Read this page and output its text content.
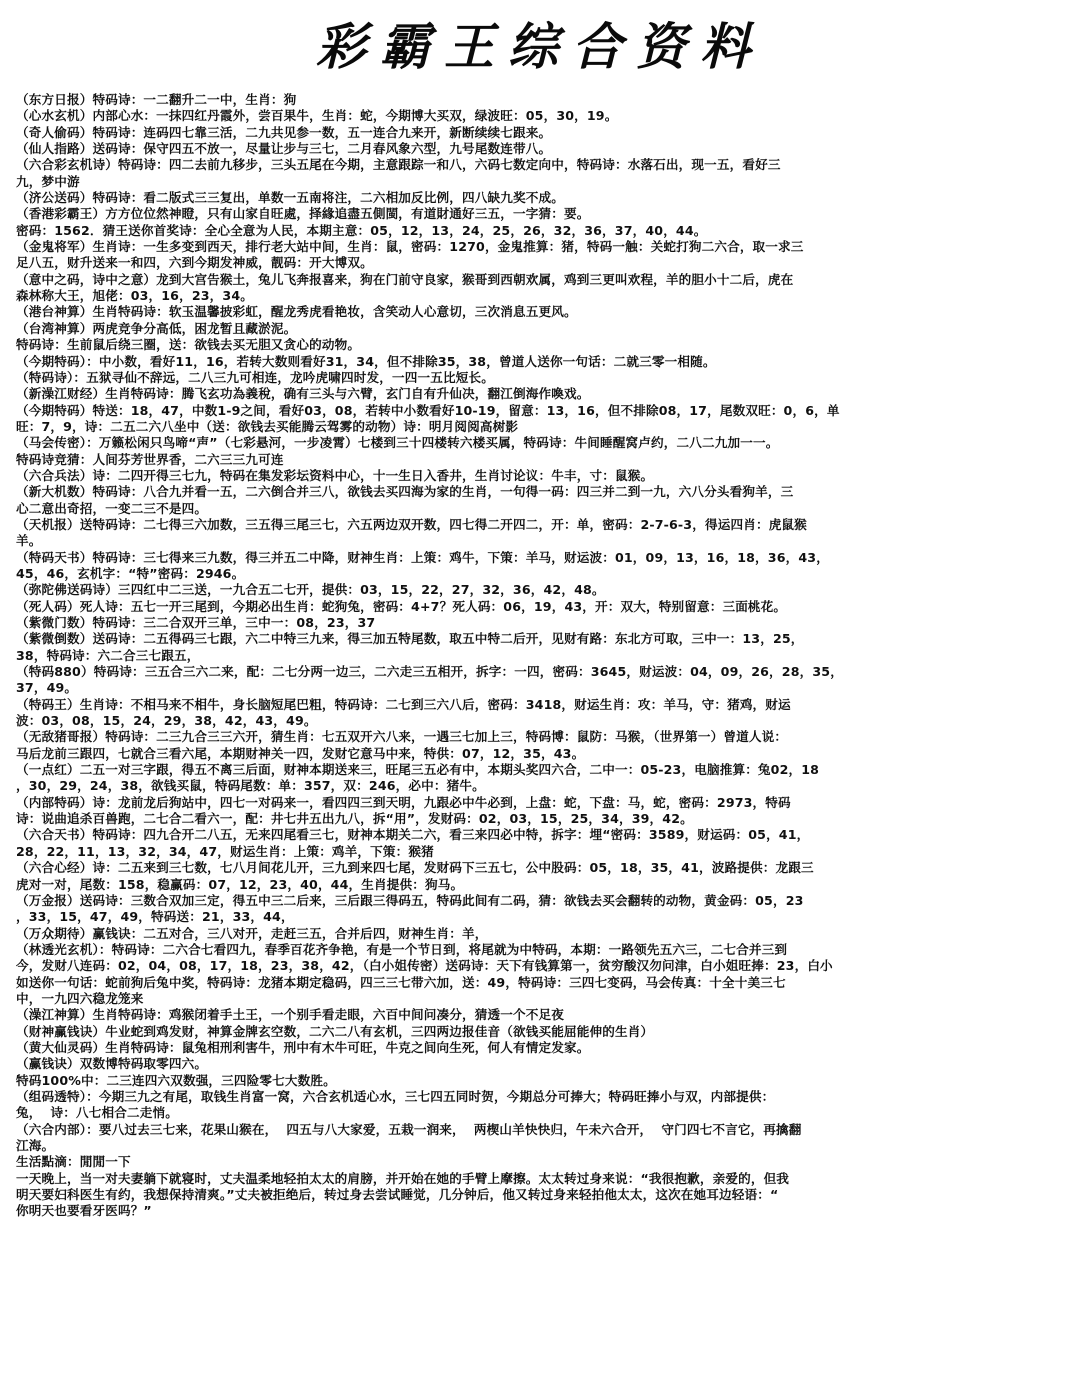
彩霸王综合资料
（东方日报）特码诗：一二翻升二一中，生肖：狗
（心水玄机）内部心水：一抹四红丹霞外，尝百果牛，生肖：蛇，今期博大买双，绿波旺：05，30，19。
（奇人偷码）特码诗：连码四七靠三活，二九共见参一数，五一连合九来开，新断续续七跟来。
（仙人指路）送码诗：保守四五不放一，尽量让步与三七，二月春风象六型，九号尾数连带八。
（六合彩玄机诗）特码诗：四二去前九移步，三头五尾在今期，主意跟踪一和八，六码七数定向中，特码诗：水落石出，现一五，看好三
九，梦中游
（济公送码）特码诗：看二版式三三复出，单数一五南将注，二六相加反比例，四八缺九奖不成。
（香港彩霸王）方方位位然神瞪，只有山家自旺處，择緣追盡五側閩，有道財通好三五，一字猜：要。
密码：1562．猜王送你首奖诗：全心全意为人民，本期主意：05，12，13，24，25，26，32，36，37，40，44。
（金鬼将军）生肖诗：一生多变到西天，排行老大站中间，生肖：鼠，密码：1270，金鬼推算：猪，特码一触：关蛇打狗二六合，取一求三
足八五，财升送来一和四，六到今期发神威，靓码：开大博双。
（意中之码，诗中之意）龙到大宫告猴土，兔儿飞奔报喜来，狗在门前守良家，猴哥到西朝欢属，鸡到三更叫欢程，羊的胆小十二后，虎在
森林称大王，旭佬：03，16，23，34。
（港台神算）生肖特码诗：软玉温馨披彩虹，醒龙秀虎看艳妆，含笑动人心意切，三次消息五更风。
（台湾神算）两虎竞争分高低，困龙暂且藏淤泥。
特码诗：生前鼠后绕三圈，送：欲钱去买无胆又贪心的动物。
（今期特码）：中小数，看好11，16，若转大数则看好31，34，但不排除35，38，曾道人送你一句话：二就三零一相随。
（特码诗）：五狱寻仙不辞远，二八三九可相连，龙吟虎啸四时发，一四一五比短长。
（新澡江财经）生肖特码诗：腾飞玄功為義稅，确有三头与六臂，玄门自有升仙决，翻江倒海作喚戏。
（今期特码）特送：18，47，中数1-9之间，看好03，08，若转中小数看好10-19，留意：13，16，但不排除08，17，尾数双旺：0，6，单
旺：7，9，诗：二五二六八坐中（送：欲钱去买能腾云驾雾的动物）诗：明月阅阅高树影
（马会传密）：万籁松闲只鸟啼“声”（七彩悬河，一步凌霄）七楼到三十四楼转六楼买属，特码诗：牛间睡醒窝卢约，二八二九加一一。
特码诗竞猜：人间芬芳世界香，二六三三九可连
（六合兵法）诗：二四开得三七九，特码在集发彩坛资料中心，十一生日入香井，生肖讨论议：牛丰，寸：鼠猴。
（新大机数）特码诗：八合九并看一五，二六倒合并三八，欲钱去买四海为家的生肖，一句得一码：四三并二到一九，六八分头看狗羊，三
心二意出奇招，一变二三不是四。
（天机报）送特码诗：二七得三六加数，三五得三尾三七，六五两边双开数，四七得二开四二，开：单，密码：2-7-6-3，得运四肖：虎鼠猴
羊。
（特码天书）特码诗：三七得来三九数，得三并五二中降，财神生肖：上策：鸡牛，下策：羊马，财运波：01，09，13，16，18，36，43，
45，46，玄机字：“特”密码：2946。
（弥陀佛送码诗）三四红中二三送，一九合五二七开，提供：03，15，22，27，32，36，42，48。
（死人码）死人诗：五七一开三尾到，今期必出生肖：蛇狗兔，密码：4+7？死人码：06，19，43，开：双大，特别留意：三面桃花。
（紫微门数）特码诗：三二合双开三单，三中一：08，23，37
（紫微倒数）送码诗：二五得码三七跟，六二中特三九来，得三加五特尾数，取五中特二后开，见财有路：东北方可取，三中一：13，25，
38，特码诗：六二合三七跟五，
（特码880）特码诗：三五合三六二来，配：二七分两一边三，二六走三五相开，拆字：一四，密码：3645，财运波：04，09，26，28，35，
37，49。
（特码王）生肖诗：不相马来不相牛，身长脑短尾巴粗，特码诗：二七到三六八后，密码：3418，财运生肖：攻：羊马，守：猪鸡，财运
波：03，08，15，24，29，38，42，43，49。
（无敌猪哥报）特码诗：二三九合三三六开，猜生肖：七五双开六八来，一遇三七加上三，特码博：鼠防：马猴，（世界第一）曾道人说：
马后龙前三跟四，七就合三看六尾，本期财神关一四，发财它意马中来，特供：07，12，35，43。
（一点红）二五一对三字跟，得五不离三后面，财神本期送来三，旺尾三五必有中，本期头奖四六合，二中一：05-23，电脑推算：兔02，18
，30，29，24，38，欲钱买鼠，特码尾数：单：357，双：246，必中：猪牛。
（内部特码）诗：龙前龙后狗站中，四七一对码来一，看四四三到天明，九跟必中牛必到，上盘：蛇，下盘：马，蛇，密码：2973，特码
诗：说曲追杀百兽跑，二七合二看六一，配：井七井五出九八，拆“用”，发财码：02，03，15，25，34，39，42。
（六合天书）特码诗：四九合开二八五，无来四尾看三七，财神本期关二六，看三来四必中特，拆字：埋“密码：3589，财运码：05，41，
28，22，11，13，32，34，47，财运生肖：上策：鸡羊，下策：猴猪
（六合心经）诗：二五来到三七数，七八月间花儿开，三九到来四七尾，发财码下三五七，公中股码：05，18，35，41，波路提供：龙跟三
虎对一对，尾数：158，稳赢码：07，12，23，40，44，生肖提供：狗马。
（万金报）送码诗：三数合双加三定，得五中三二后来，三后跟三得码五，特码此间有二码，猜：欲钱去买会翻转的动物，黄金码：05，23
，33，15，47，49，特码送：21，33，44，
（万众期待）赢钱诀：二五对合，三八对开，走赶三五，合并后四，财神生肖：羊，
（林透光玄机）：特码诗：二六合七看四九，春季百花齐争艳，有是一个节日到，将尾就为中特码，本期：一路领先五六三，二七合并三到
今，发财八连码：02，04，08，17，18，23，38，42，（白小姐传密）送码诗：天下有钱算第一，贫穷酸汉勿问津，白小姐旺捧：23，白小
如送你一句话：蛇前狗后兔中奖，特码诗：龙猪本期定稳码，四三三七带六加，送：49，特码诗：三四七变码，马会传真：十全十美三七
中，一九四六稳龙笼来
（澡江神算）生肖特码诗：鸡猴闭着手土王，一个别手看走眼，六百中间问凑分，猜透一个不足夜
（财神赢钱诀）牛业蛇到鸡发财，神算金牌玄空数，二六二八有玄机，三四两边报佳音（欲钱买能屈能伸的生肖）
（黄大仙灵码）生肖特码诗：鼠兔相刑利害牛，刑中有木牛可旺，牛克之间向生死，何人有情定发家。
（赢钱诀）双数博特码取零四六。
特码100%中：二三连四六双数强，三四险零七大数胜。
（组码透特）：今期三九之有尾，取钱生肖富一窝，六合玄机适心水，三七四五同时贺，今期总分可捧大；特码旺捧小与双，内部提供：
兔，  诗：八七相合二走悄。
（六合内部）：要八过去三七来，花果山猴在，  四五与八大家爱，五栽一润来，  两楔山羊快快归，午未六合开，  守门四七不言它，再擒翻
江海。
生活點滴：閒閒一下
一天晚上，当一对夫妻躺下就寝时，丈夫温柔地轻拍太太的肩膀，并开始在她的手臂上摩擦。太太转过身来说：“我很抱歉，亲爱的，但我
明天要妇科医生有约，我想保持清爽。”丈夫被拒绝后，转过身去尝试睡觉，几分钟后，他又转过身来轻拍他太太，这次在她耳边轻语：“
你明天也要看牙医吗？”
